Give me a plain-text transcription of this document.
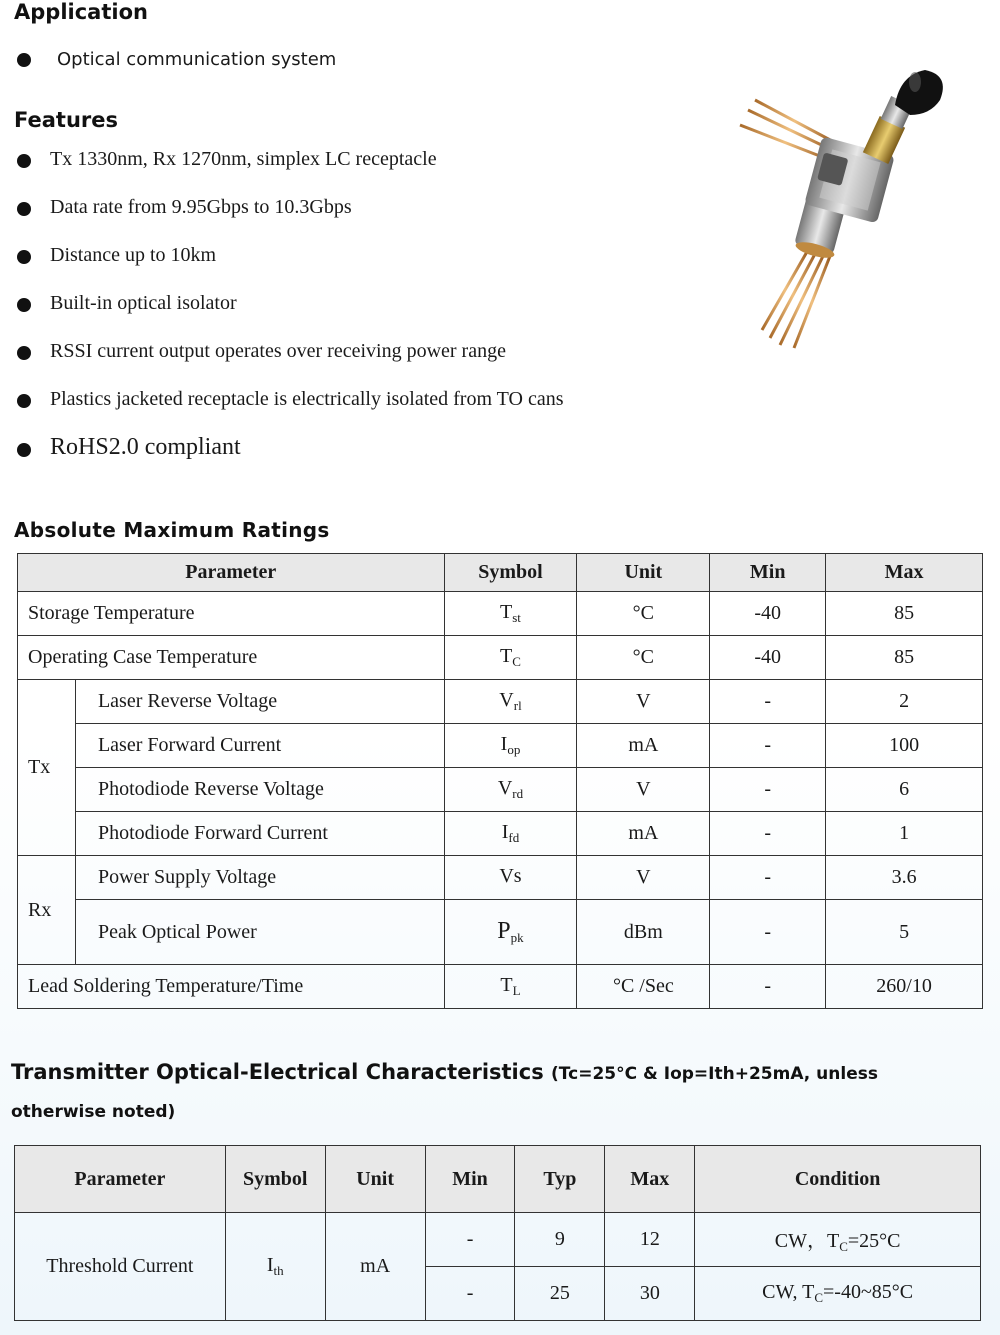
Application
Optical communication system
Features
Tx 1330nm, Rx 1270nm, simplex LC receptacle
Data rate from 9.95Gbps to 10.3Gbps
Distance up to 10km
Built-in optical isolator
RSSI current output operates over receiving power range
Plastics jacketed receptacle is electrically isolated from TO cans
RoHS2.0 compliant
Absolute Maximum Ratings
Parameter		Symbol	Unit	Min	Max
Storage Temperature		$T_{st}$	°C	-40	85
Operating Case Temperature		$T_C$	°C	-40	85
Tx	Laser Reverse Voltage	$V_{rl}$	V	-	2
	Laser Forward Current	$I_{op}$	mA	-	100
	Photodiode Reverse Voltage	$V_{rd}$	V	-	6
	Photodiode Forward Current	$I_{fd}$	mA	-	1
Rx	Power Supply Voltage	Vs	V	-	3.6
	Peak Optical Power	$P_{pk}$	dBm	-	5
Lead Soldering Temperature/Time		$T_L$	°C /Sec	-	260/10
Transmitter Optical-Electrical Characteristics (Tc=25°C & Iop=Ith+25mA, unless
otherwise noted)
Parameter	Symbol	Unit	Min	Typ	Max	Condition
Threshold Current	$I_{th}$	mA	-	9	12	CW，$T_C=25^\circ C$
			-	25	30	CW, $T_C=-40\sim 85^\circ C$
